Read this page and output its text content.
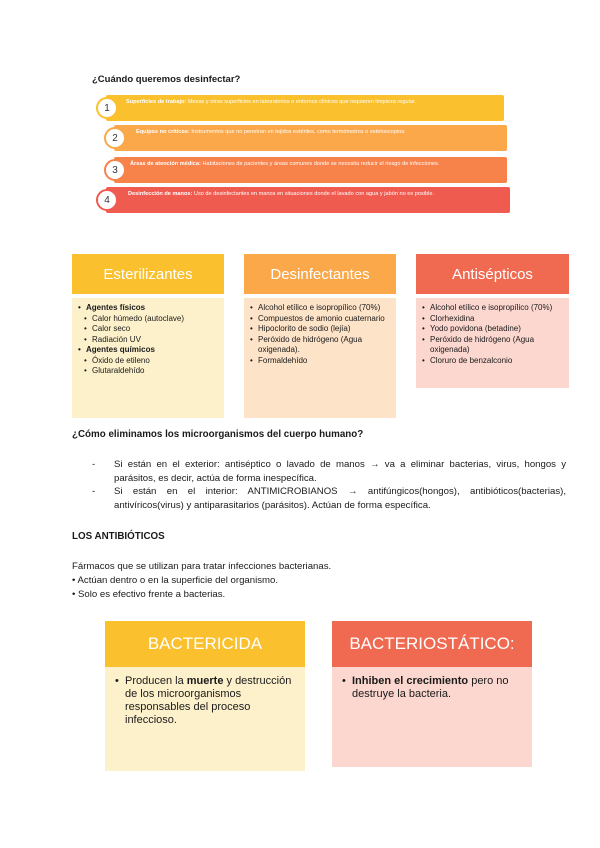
¿Cuándo queremos desinfectar?
Superficies de trabajo: Mesas y otras superficies en laboratorios o entornos clínicos que requieren limpieza regular.
1
Equipos no críticos: Instrumentos que no penetran en tejidos estériles, como termómetros o estetoscopios.
2
Áreas de atención médica: Habitaciones de pacientes y áreas comunes donde se necesita reducir el riesgo de infecciones.
3
Desinfección de manos: Uso de desinfectantes en manos en situaciones donde el lavado con agua y jabón no es posible.
4
Esterilizantes
• Agentes físicos
• Calor húmedo (autoclave)
• Calor seco
• Radiación UV
• Agentes químicos
• Óxido de etileno
• Glutaraldehído
Desinfectantes
• Alcohol etílico e isopropílico (70%)
• Compuestos de amonio cuaternario
• Hipoclorito de sodio (lejía)
• Peróxido de hidrógeno (Agua oxigenada).
• Formaldehído
Antisépticos
• Alcohol etílico e isopropílico (70%)
• Clorhexidina
• Yodo povidona (betadine)
• Peróxido de hidrógeno (Agua oxigenada)
• Cloruro de benzalconio
¿Cómo eliminamos los microorganismos del cuerpo humano?
- Si están en el exterior: antiséptico o lavado de manos → va a eliminar bacterias, virus, hongos y parásitos, es decir, actúa de forma inespecífica.
- Si están en el interior: ANTIMICROBIANOS → antifúngicos(hongos), antibióticos(bacterias), antivíricos(virus) y antiparasitarios (parásitos). Actúan de forma específica.
LOS ANTIBIÓTICOS
Fármacos que se utilizan para tratar infecciones bacterianas.
• Actúan dentro o en la superficie del organismo.
• Solo es efectivo frente a bacterias.
BACTERICIDA
• Producen la muerte y destrucción de los microorganismos responsables del proceso infeccioso.
BACTERIOSTÁTICO:
• Inhiben el crecimiento pero no destruye la bacteria.
